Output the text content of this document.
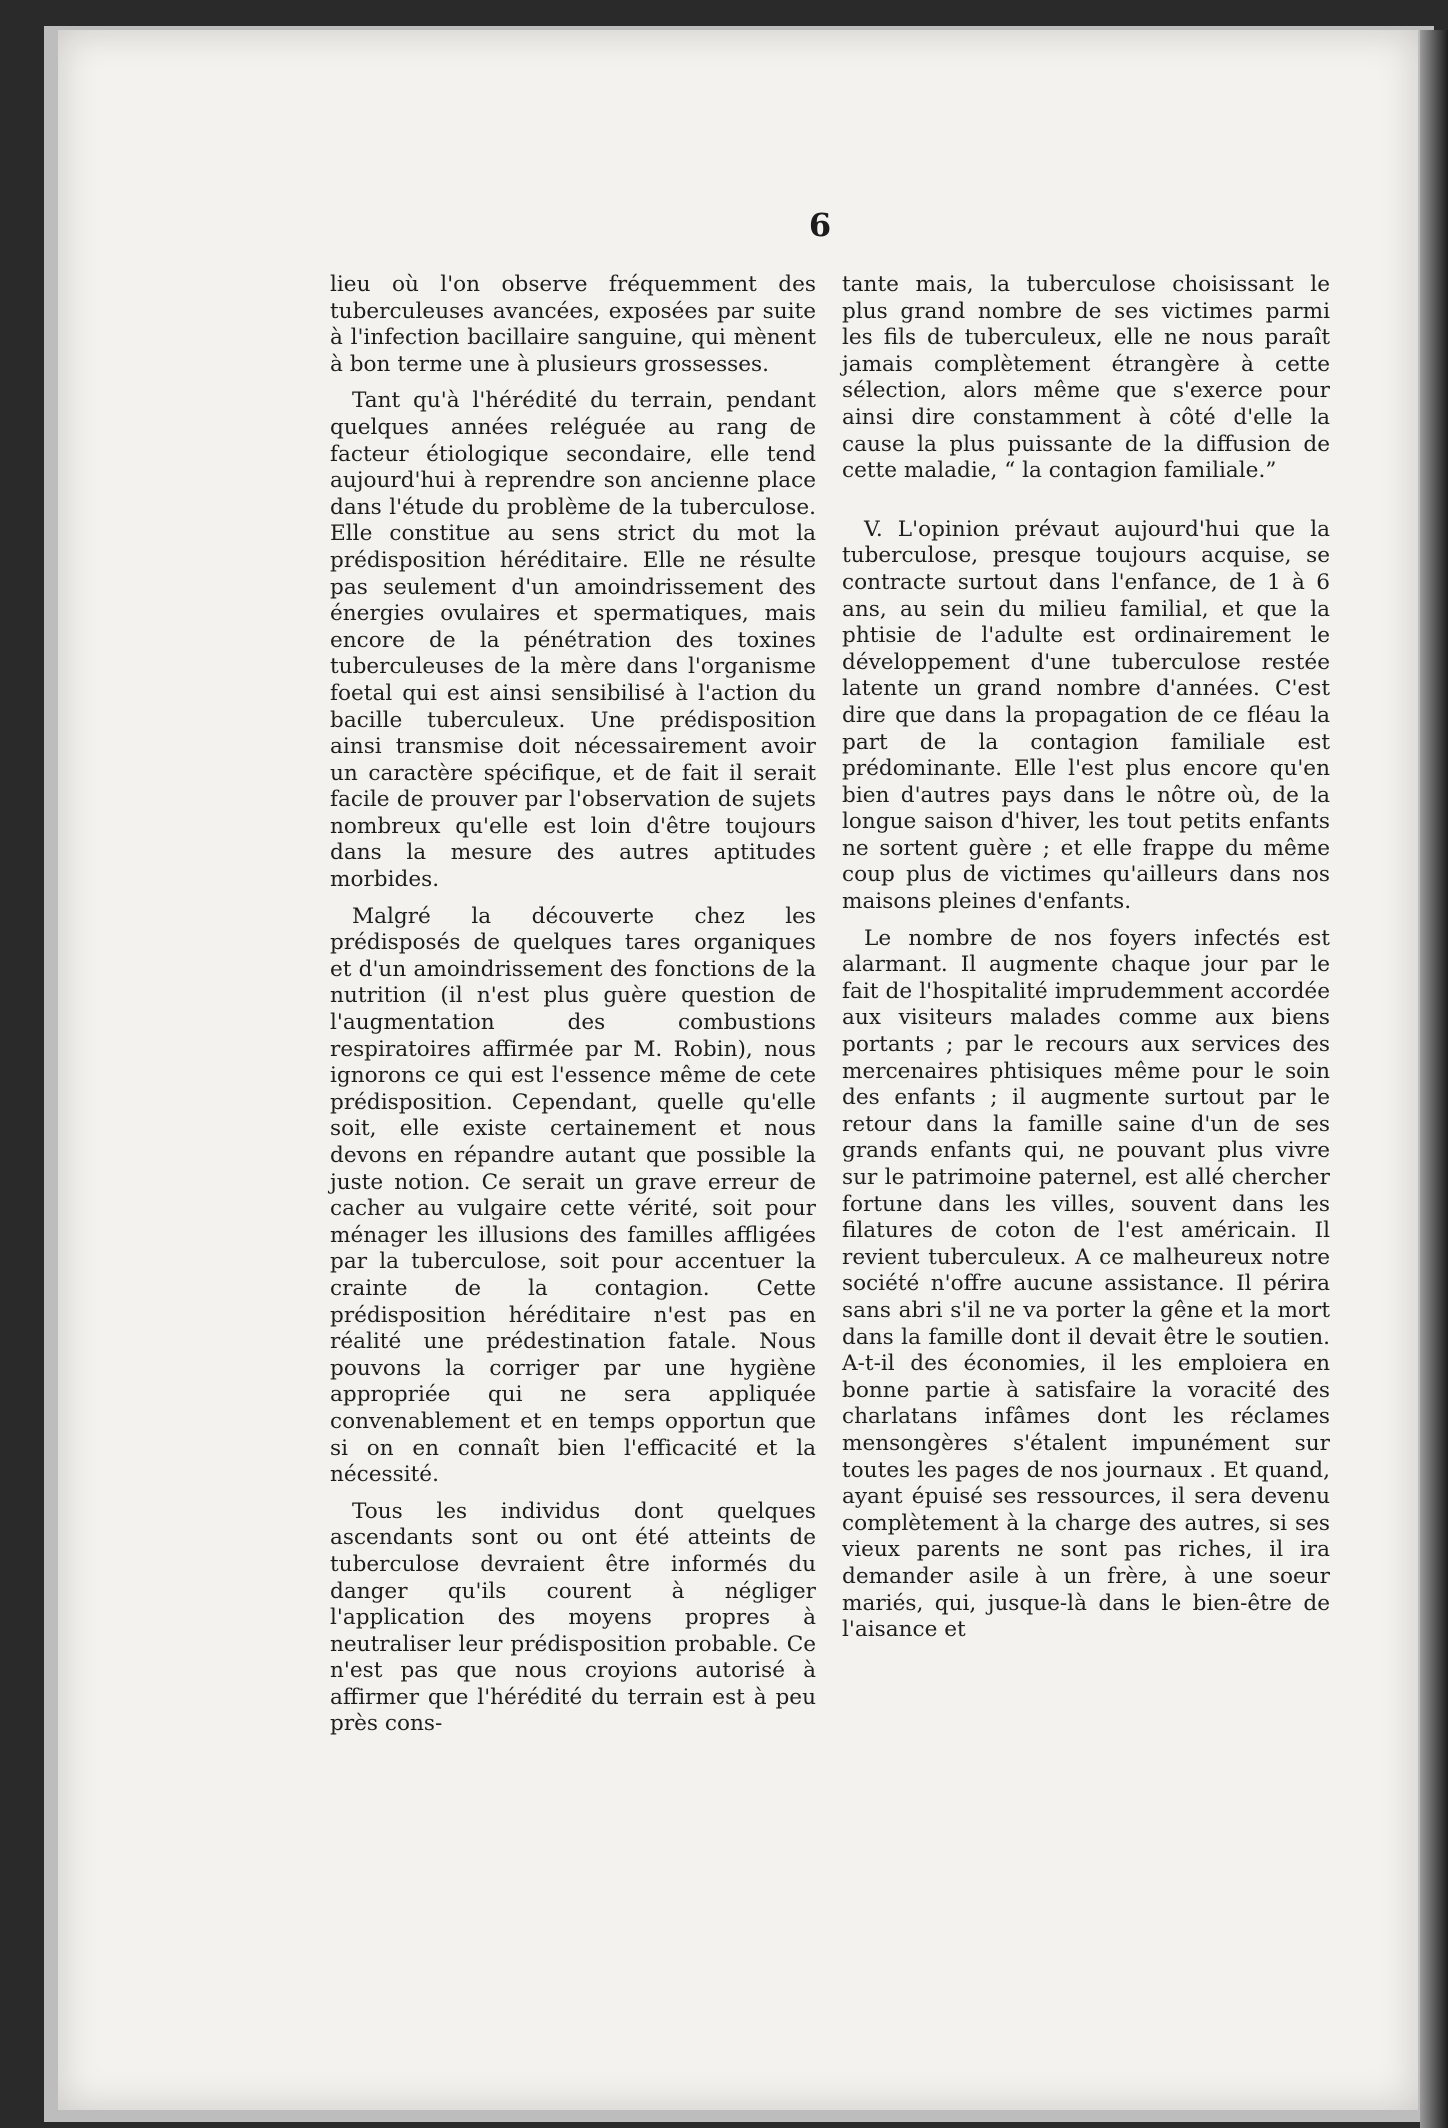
6

lieu où l'on observe fréquemment des tuberculeuses avancées, exposées par suite à l'infection bacillaire sanguine, qui mènent à bon terme une à plusieurs grossesses.

Tant qu'à l'hérédité du terrain, pendant quelques années reléguée au rang de facteur étiologique secondaire, elle tend aujourd'hui à reprendre son ancienne place dans l'étude du problème de la tuberculose. Elle constitue au sens strict du mot la prédisposition héréditaire. Elle ne résulte pas seulement d'un amoindrissement des énergies ovulaires et spermatiques, mais encore de la pénétration des toxines tuberculeuses de la mère dans l'organisme foetal qui est ainsi sensibilisé à l'action du bacille tuberculeux. Une prédisposition ainsi transmise doit nécessairement avoir un caractère spécifique, et de fait il serait facile de prouver par l'observation de sujets nombreux qu'elle est loin d'être toujours dans la mesure des autres aptitudes morbides.

Malgré la découverte chez les prédisposés de quelques tares organiques et d'un amoindrissement des fonctions de la nutrition (il n'est plus guère question de l'augmentation des combustions respiratoires affirmée par M. Robin), nous ignorons ce qui est l'essence même de cete prédisposition. Cependant, quelle qu'elle soit, elle existe certainement et nous devons en répandre autant que possible la juste notion. Ce serait un grave erreur de cacher au vulgaire cette vérité, soit pour ménager les illusions des familles affligées par la tuberculose, soit pour accentuer la crainte de la contagion. Cette prédisposition héréditaire n'est pas en réalité une prédestination fatale. Nous pouvons la corriger par une hygiène appropriée qui ne sera appliquée convenablement et en temps opportun que si on en connaît bien l'efficacité et la nécessité.

Tous les individus dont quelques ascendants sont ou ont été atteints de tuberculose devraient être informés du danger qu'ils courent à négliger l'application des moyens propres à neutraliser leur prédisposition probable. Ce n'est pas que nous croyions autorisé à affirmer que l'hérédité du terrain est à peu près cons-

tante mais, la tuberculose choisissant le plus grand nombre de ses victimes parmi les fils de tuberculeux, elle ne nous paraît jamais complètement étrangère à cette sélection, alors même que s'exerce pour ainsi dire constamment à côté d'elle la cause la plus puissante de la diffusion de cette maladie, “ la contagion familiale.”

V. L'opinion prévaut aujourd'hui que la tuberculose, presque toujours acquise, se contracte surtout dans l'enfance, de 1 à 6 ans, au sein du milieu familial, et que la phtisie de l'adulte est ordinairement le développement d'une tuberculose restée latente un grand nombre d'années. C'est dire que dans la propagation de ce fléau la part de la contagion familiale est prédominante. Elle l'est plus encore qu'en bien d'autres pays dans le nôtre où, de la longue saison d'hiver, les tout petits enfants ne sortent guère ; et elle frappe du même coup plus de victimes qu'ailleurs dans nos maisons pleines d'enfants.

Le nombre de nos foyers infectés est alarmant. Il augmente chaque jour par le fait de l'hospitalité imprudemment accordée aux visiteurs malades comme aux biens portants ; par le recours aux services des mercenaires phtisiques même pour le soin des enfants ; il augmente surtout par le retour dans la famille saine d'un de ses grands enfants qui, ne pouvant plus vivre sur le patrimoine paternel, est allé chercher fortune dans les villes, souvent dans les filatures de coton de l'est américain. Il revient tuberculeux. A ce malheureux notre société n'offre aucune assistance. Il périra sans abri s'il ne va porter la gêne et la mort dans la famille dont il devait être le soutien. A-t-il des économies, il les emploiera en bonne partie à satisfaire la voracité des charlatans infâmes dont les réclames mensongères s'étalent impunément sur toutes les pages de nos journaux . Et quand, ayant épuisé ses ressources, il sera devenu complètement à la charge des autres, si ses vieux parents ne sont pas riches, il ira demander asile à un frère, à une soeur mariés, qui, jusque-là dans le bien-être de l'aisance et
